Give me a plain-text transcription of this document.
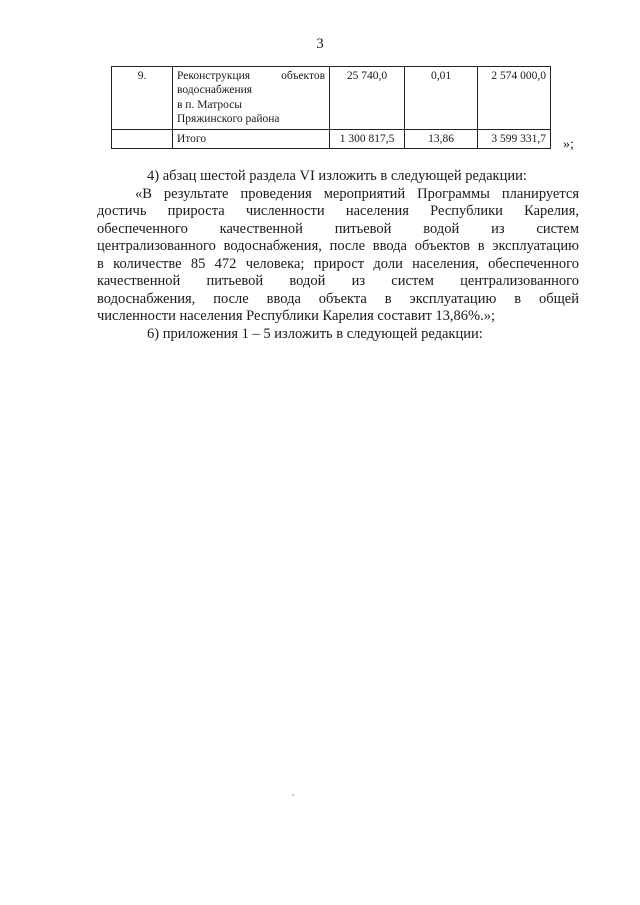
3
9.	Реконструкция объектов
водоснабжения
в п. Матросы
Пряжинского района	25 740,0	0,01	2 574 000,0
	Итого	1 300 817,5	13,86	3 599 331,7 »;

4) абзац шестой раздела VI изложить в следующей редакции:

«В результате проведения мероприятий Программы планируется
достичь прироста численности населения Республики Карелия,
обеспеченного качественной питьевой водой из систем
централизованного водоснабжения, после ввода объектов в эксплуатацию
в количестве 85 472 человека; прирост доли населения, обеспеченного
качественной питьевой водой из систем централизованного
водоснабжения, после ввода объекта в эксплуатацию в общей
численности населения Республики Карелия составит 13,86%.»;

6) приложения 1 – 5 изложить в следующей редакции:
